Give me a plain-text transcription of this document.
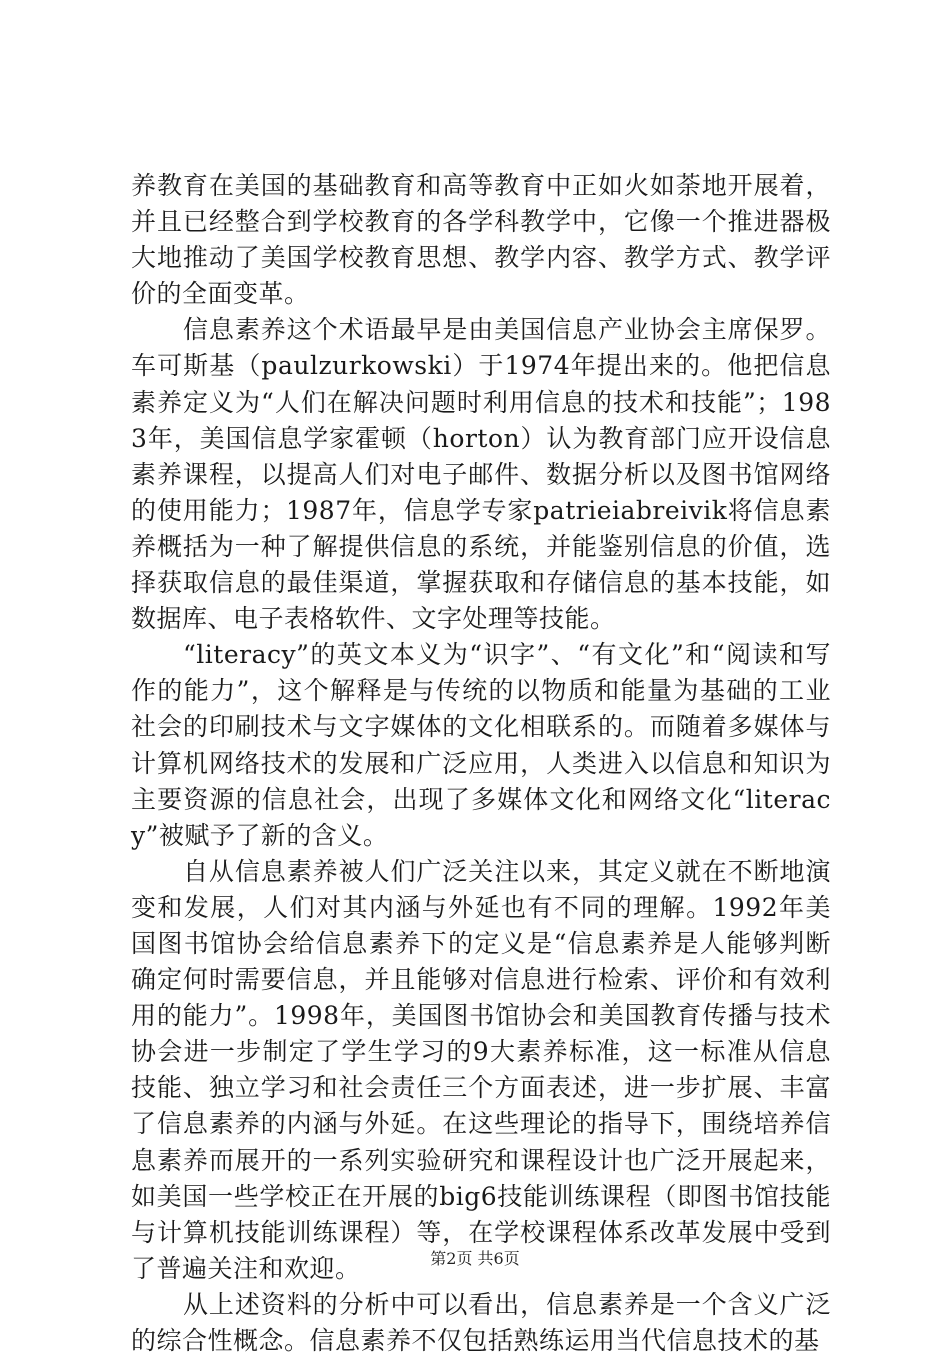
养教育在美国的基础教育和高等教育中正如火如荼地开展着，并且已经整合到学校教育的各学科教学中，它像一个推进器极大地推动了美国学校教育思想、教学内容、教学方式、教学评价的全面变革。

信息素养这个术语最早是由美国信息产业协会主席保罗。车可斯基（paulzurkowski）于1974年提出来的。他把信息素养定义为“人们在解决问题时利用信息的技术和技能”；1983年，美国信息学家霍顿（horton）认为教育部门应开设信息素养课程，以提高人们对电子邮件、数据分析以及图书馆网络的使用能力；1987年，信息学专家patrieiabreivik将信息素养概括为一种了解提供信息的系统，并能鉴别信息的价值，选择获取信息的最佳渠道，掌握获取和存储信息的基本技能，如数据库、电子表格软件、文字处理等技能。

“literacy”的英文本义为“识字”、“有文化”和“阅读和写作的能力”，这个解释是与传统的以物质和能量为基础的工业社会的印刷技术与文字媒体的文化相联系的。而随着多媒体与计算机网络技术的发展和广泛应用，人类进入以信息和知识为主要资源的信息社会，出现了多媒体文化和网络文化“literacy”被赋予了新的含义。

自从信息素养被人们广泛关注以来，其定义就在不断地演变和发展，人们对其内涵与外延也有不同的理解。1992年美国图书馆协会给信息素养下的定义是“信息素养是人能够判断确定何时需要信息，并且能够对信息进行检索、评价和有效利用的能力”。1998年，美国图书馆协会和美国教育传播与技术协会进一步制定了学生学习的9大素养标准，这一标准从信息技能、独立学习和社会责任三个方面表述，进一步扩展、丰富了信息素养的内涵与外延。在这些理论的指导下，围绕培养信息素养而展开的一系列实验研究和课程设计也广泛开展起来，如美国一些学校正在开展的big6技能训练课程（即图书馆技能与计算机技能训练课程）等，在学校课程体系改革发展中受到了普遍关注和欢迎。

从上述资料的分析中可以看出，信息素养是一个含义广泛的综合性概念。信息素养不仅包括熟练运用当代信息技术的基

第2页 共6页
